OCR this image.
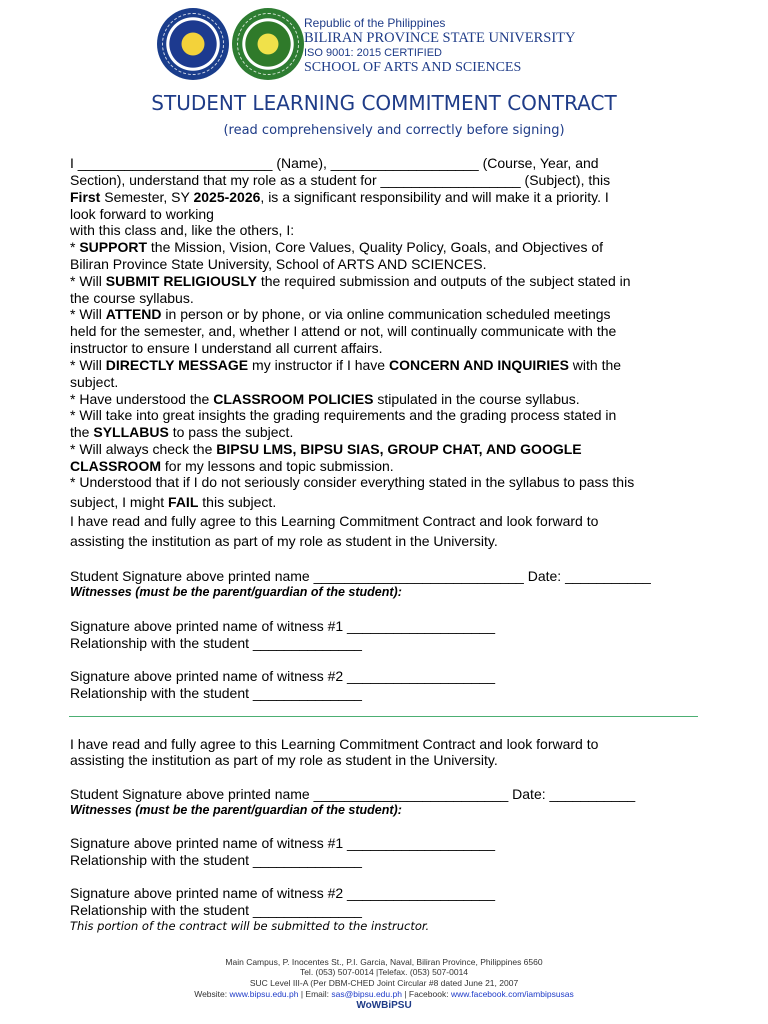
Republic of the Philippines
BILIRAN PROVINCE STATE UNIVERSITY
ISO 9001: 2015 CERTIFIED
SCHOOL OF ARTS AND SCIENCES
STUDENT LEARNING COMMITMENT CONTRACT
(read comprehensively and correctly before signing)
I _________________________ (Name), ___________________ (Course, Year, and
Section), understand that my role as a student for __________________ (Subject), this
First Semester, SY 2025-2026, is a significant responsibility and will make it a priority. I
look forward to working
with this class and, like the others, I:
* SUPPORT the Mission, Vision, Core Values, Quality Policy, Goals, and Objectives of
Biliran Province State University, School of ARTS AND SCIENCES.
* Will SUBMIT RELIGIOUSLY the required submission and outputs of the subject stated in
the course syllabus.
* Will ATTEND in person or by phone, or via online communication scheduled meetings
held for the semester, and, whether I attend or not, will continually communicate with the
instructor to ensure I understand all current affairs.
* Will DIRECTLY MESSAGE my instructor if I have CONCERN AND INQUIRIES with the
subject.
* Have understood the CLASSROOM POLICIES stipulated in the course syllabus.
* Will take into great insights the grading requirements and the grading process stated in
the SYLLABUS to pass the subject.
* Will always check the BIPSU LMS, BIPSU SIAS, GROUP CHAT, AND GOOGLE
CLASSROOM for my lessons and topic submission.
* Understood that if I do not seriously consider everything stated in the syllabus to pass this
subject, I might FAIL this subject.
I have read and fully agree to this Learning Commitment Contract and look forward to
assisting the institution as part of my role as student in the University.
Student Signature above printed name ___________________________ Date: ___________
Witnesses (must be the parent/guardian of the student):
Signature above printed name of witness #1 ___________________
Relationship with the student ______________
Signature above printed name of witness #2 ___________________
Relationship with the student ______________
I have read and fully agree to this Learning Commitment Contract and look forward to
assisting the institution as part of my role as student in the University.
Student Signature above printed name _________________________ Date: ___________
Witnesses (must be the parent/guardian of the student):
Signature above printed name of witness #1 ___________________
Relationship with the student ______________
Signature above printed name of witness #2 ___________________
Relationship with the student ______________
This portion of the contract will be submitted to the instructor.
Main Campus, P. Inocentes St., P.I. Garcia, Naval, Biliran Province, Philippines 6560
Tel. (053) 507-0014 |Telefax. (053) 507-0014
SUC Level III-A (Per DBM-CHED Joint Circular #8 dated June 21, 2007
Website: www.bipsu.edu.ph | Email: sas@bipsu.edu.ph | Facebook: www.facebook.com/iambipsusas
WoWBiPSU
